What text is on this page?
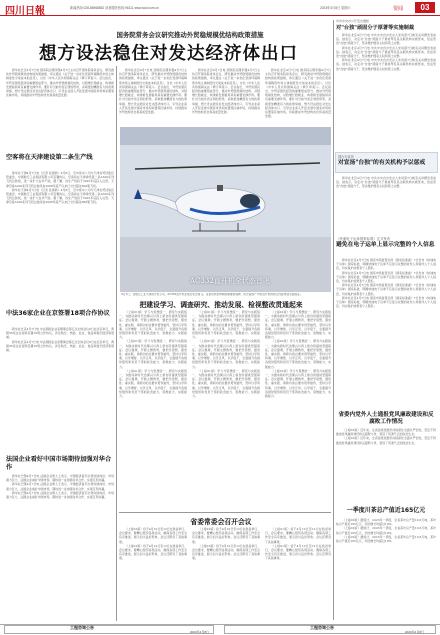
四川日報	新闻热线:028-86968652 读者服务热线:96111 www.scol.com.cn	2023年4月8日 星期六	要闻	03
国务院常务会议研究推动外贸稳规模优结构政策措施
想方设法稳住对发达经济体出口

新华社北京4月7日电 国务院总理李强4月7日主持召开国务院常务会议，研究推动外贸稳规模优结构的政策措施，审议通过《关于进一步优化营商环境降低市场主体制度性交易成本的意见》，讨论《中华人民共和国海关法（修订草案）》。会议指出，外贸是国民经济的重要组成部分，推动外贸稳规模优结构，对稳增长稳就业、构建新发展格局具有重要支撑作用。要针对当前外需走弱的形势，采取更加精准有力的政策举措，想方设法稳住对发达经济体出口，引导企业深入开拓发展中国家市场和东盟等区域市场，持续推动外贸结构优化和高质量发展。

新华社北京4月7日电 国务院总理李强4月7日主持召开国务院常务会议，研究推动外贸稳规模优结构的政策措施，审议通过《关于进一步优化营商环境降低市场主体制度性交易成本的意见》，讨论《中华人民共和国海关法（修订草案）》。会议指出，外贸是国民经济的重要组成部分，推动外贸稳规模优结构，对稳增长稳就业、构建新发展格局具有重要支撑作用。要针对当前外需走弱的形势，采取更加精准有力的政策举措，想方设法稳住对发达经济体出口，引导企业深入开拓发展中国家市场和东盟等区域市场，持续推动外贸结构优化和高质量发展。

新华社北京4月7日电 国务院总理李强4月7日主持召开国务院常务会议，研究推动外贸稳规模优结构的政策措施，审议通过《关于进一步优化营商环境降低市场主体制度性交易成本的意见》，讨论《中华人民共和国海关法（修订草案）》。会议指出，外贸是国民经济的重要组成部分，推动外贸稳规模优结构，对稳增长稳就业、构建新发展格局具有重要支撑作用。要针对当前外需走弱的形势，采取更加精准有力的政策举措，想方设法稳住对发达经济体出口，引导企业深入开拓发展中国家市场和东盟等区域市场，持续推动外贸结构优化和高质量发展。

新华社北京4月7日电 国务院总理李强4月7日主持召开国务院常务会议，研究推动外贸稳规模优结构的政策措施，审议通过《关于进一步优化营商环境降低市场主体制度性交易成本的意见》，讨论《中华人民共和国海关法（修订草案）》。会议指出，外贸是国民经济的重要组成部分，推动外贸稳规模优结构，对稳增长稳就业、构建新发展格局具有重要支撑作用。要针对当前外需走弱的形势，采取更加精准有力的政策举措，想方设法稳住对发达经济体出口，引导企业深入开拓发展中国家市场和东盟等区域市场，持续推动外贸结构优化和高质量发展。

空客将在天津建设第二条生产线

新华社天津4月7日电（记者 张建新）4月6日，空中客车公司与天津自贸试验区管委会、中国航空工业集团有限公司签署协议，空客将在天津建设第二条A320系列飞机总装线，进一步扩大在华产能。据了解，该生产线将于2025年底投入运营。天津空客A320系列飞机总装线自2008年投产以来已交付超过600架飞机。

新华社天津4月7日电（记者 张建新）4月6日，空中客车公司与天津自贸试验区管委会、中国航空工业集团有限公司签署协议，空客将在天津建设第二条A320系列飞机总装线，进一步扩大在华产能。据了解，该生产线将于2025年底投入运营。天津空客A320系列飞机总装线自2008年投产以来已交付超过600架飞机。

中法36家企业在京签署18项合作协议

新华社北京4月7日电 中法两国企业家理事会第五次全体会议6日在北京举行，两国36家企业现场签署18项合作协议，涉及航空、核能、农业、食品和数字经济等领域。

新华社北京4月7日电 中法两国企业家理事会第五次全体会议6日在北京举行，两国36家企业现场签署18项合作协议，涉及航空、核能、农业、食品和数字经济等领域。

法国企业看好中国市场期待加强对华合作

新华社巴黎4月7日电 法国企业界人士表示，中国经济复苏态势持续向好，市场潜力巨大，法国企业看好中国市场，期待进一步加强对华合作，实现互利共赢。

新华社巴黎4月7日电 法国企业界人士表示，中国经济复苏态势持续向好，市场潜力巨大，法国企业看好中国市场，期待进一步加强对华合作，实现互利共赢。

新华社巴黎4月7日电 法国企业界人士表示，中国经济复苏态势持续向好，市场潜力巨大，法国企业看好中国市场，期待进一步加强对华合作，实现互利共赢。

AC332直升机全状态首飞
4月7日，在航空工业天津直升机公司，AC332直升机完成全状态首飞。这是该机型研制的重要里程碑，标志着国产中型直升机的综合性能得到全面验证。
把建设学习、调查研究、推动发展、检视整改贯通起来

（上接01版）学习与思想统一、研究与实践统一，为推动新时代治蜀兴川再上新台阶提供坚强保证。会议强调，开展主题教育，要把学思想、强党性、重实践、建新功的总要求贯穿始终，坚持以学铸魂、以学增智、以学正风、以学促干，全面提升各级党组织和党员干部的政治能力、思维能力、实践能力。

（上接01版）学习与思想统一、研究与实践统一，为推动新时代治蜀兴川再上新台阶提供坚强保证。会议强调，开展主题教育，要把学思想、强党性、重实践、建新功的总要求贯穿始终，坚持以学铸魂、以学增智、以学正风、以学促干，全面提升各级党组织和党员干部的政治能力、思维能力、实践能力。

（上接01版）学习与思想统一、研究与实践统一，为推动新时代治蜀兴川再上新台阶提供坚强保证。会议强调，开展主题教育，要把学思想、强党性、重实践、建新功的总要求贯穿始终，坚持以学铸魂、以学增智、以学正风、以学促干，全面提升各级党组织和党员干部的政治能力、思维能力、实践能力。

（上接01版）学习与思想统一、研究与实践统一，为推动新时代治蜀兴川再上新台阶提供坚强保证。会议强调，开展主题教育，要把学思想、强党性、重实践、建新功的总要求贯穿始终，坚持以学铸魂、以学增智、以学正风、以学促干，全面提升各级党组织和党员干部的政治能力、思维能力、实践能力。

（上接01版）学习与思想统一、研究与实践统一，为推动新时代治蜀兴川再上新台阶提供坚强保证。会议强调，开展主题教育，要把学思想、强党性、重实践、建新功的总要求贯穿始终，坚持以学铸魂、以学增智、以学正风、以学促干，全面提升各级党组织和党员干部的政治能力、思维能力、实践能力。

（上接01版）学习与思想统一、研究与实践统一，为推动新时代治蜀兴川再上新台阶提供坚强保证。会议强调，开展主题教育，要把学思想、强党性、重实践、建新功的总要求贯穿始终，坚持以学铸魂、以学增智、以学正风、以学促干，全面提升各级党组织和党员干部的政治能力、思维能力、实践能力。

（上接01版）学习与思想统一、研究与实践统一，为推动新时代治蜀兴川再上新台阶提供坚强保证。会议强调，开展主题教育，要把学思想、强党性、重实践、建新功的总要求贯穿始终，坚持以学铸魂、以学增智、以学正风、以学促干，全面提升各级党组织和党员干部的政治能力、思维能力、实践能力。

（上接01版）学习与思想统一、研究与实践统一，为推动新时代治蜀兴川再上新台阶提供坚强保证。会议强调，开展主题教育，要把学思想、强党性、重实践、建新功的总要求贯穿始终，坚持以学铸魂、以学增智、以学正风、以学促干，全面提升各级党组织和党员干部的政治能力、思维能力、实践能力。

（上接01版）学习与思想统一、研究与实践统一，为推动新时代治蜀兴川再上新台阶提供坚强保证。会议强调，开展主题教育，要把学思想、强党性、重实践、建新功的总要求贯穿始终，坚持以学铸魂、以学增智、以学正风、以学促干，全面提升各级党组织和党员干部的政治能力、思维能力、实践能力。

省委常委会召开会议

（上接01版）将于4月10日至12日在我省举行，会议要求，要精心组织各项活动，确保各项工作安全有序推进，展示四川良好形象。会议还研究了其他事项。

（上接01版）将于4月10日至12日在我省举行，会议要求，要精心组织各项活动，确保各项工作安全有序推进，展示四川良好形象。会议还研究了其他事项。

（上接01版）将于4月10日至12日在我省举行，会议要求，要精心组织各项活动，确保各项工作安全有序推进，展示四川良好形象。会议还研究了其他事项。

（上接01版）将于4月10日至12日在我省举行，会议要求，要精心组织各项活动，确保各项工作安全有序推进，展示四川良好形象。会议还研究了其他事项。

（上接01版）将于4月10日至12日在我省举行，会议要求，要精心组织各项活动，确保各项工作安全有序推进，展示四川良好形象。会议还研究了其他事项。

（上接01版）将于4月10日至12日在我省举行，会议要求，要精心组织各项活动，确保各项工作安全有序推进，展示四川良好形象。会议还研究了其他事项。

中共中央办公厅发出通知
对"台独"顽固分子厚著等实施制裁

新华社北京4月7日电 中共中央台办发言人朱凤莲7日就有关问题发表谈话。她表示，决定对"台独"顽固分子萧美琴及其关联机构实施惩戒，依法惩治"台独"顽固分子，坚决维护国家主权和领土完整。

新华社北京4月7日电 中共中央台办发言人朱凤莲7日就有关问题发表谈话。她表示，决定对"台独"顽固分子萧美琴及其关联机构实施惩戒，依法惩治"台独"顽固分子，坚决维护国家主权和领土完整。

新华社北京4月7日电 中共中央台办发言人朱凤莲7日就有关问题发表谈话。她表示，决定对"台独"顽固分子萧美琴及其关联机构实施惩戒，依法惩治"台独"顽固分子，坚决维护国家主权和领土完整。

国台办宣布
对宣扬"台独"的有关机构予以惩戒

新华社北京4月7日电 中共中央台办发言人朱凤莲7日就有关问题发表谈话。她表示，决定对"台独"顽固分子萧美琴及其关联机构实施惩戒，依法惩治"台独"顽固分子，坚决维护国家主权和领土完整。

《快递电子运单国家标准》正式发布
避免在电子运单上显示完整的个人信息

新华社北京4月7日电 国家市场监管总局（国家标准委）7日发布《快递电子运单》国家标准，明确快递电子运单不应显示完整的收件人和寄件人个人信息，切实保护消费者个人隐私。

新华社北京4月7日电 国家市场监管总局（国家标准委）7日发布《快递电子运单》国家标准，明确快递电子运单不应显示完整的收件人和寄件人个人信息，切实保护消费者个人隐私。

新华社北京4月7日电 国家市场监管总局（国家标准委）7日发布《快递电子运单》国家标准，明确快递电子运单不应显示完整的收件人和寄件人个人信息，切实保护消费者个人隐私。

新华社北京4月7日电 国家市场监管总局（国家标准委）7日发布《快递电子运单》国家标准，明确快递电子运单不应显示完整的收件人和寄件人个人信息，切实保护消费者个人隐私。

省委内党外人士通报党风廉政建设和反腐败工作情况

（上接01版）近年来，全省各级党组织持续深化全面从严治党，坚定不移推进党风廉政建设和反腐败斗争，营造了风清气正的政治生态。

（上接01版）近年来，全省各级党组织持续深化全面从严治党，坚定不移推进党风廉政建设和反腐败斗争，营造了风清气正的政治生态。

一季度川茶总产值近165亿元

（上接01版）据统计，2023年一季度，全省茶叶总产量10.6万吨，茶叶综合产值近165亿元，同比增长均超过10%。

（上接01版）据统计，2023年一季度，全省茶叶总产量10.6万吨，茶叶综合产值近165亿元，同比增长均超过10%。

（上接01版）据统计，2023年一季度，全省茶叶总产量10.6万吨，茶叶综合产值近165亿元，同比增长均超过10%。

工程咨询公告	工程咨询公告
2023年4月8日	2023年4月8日
